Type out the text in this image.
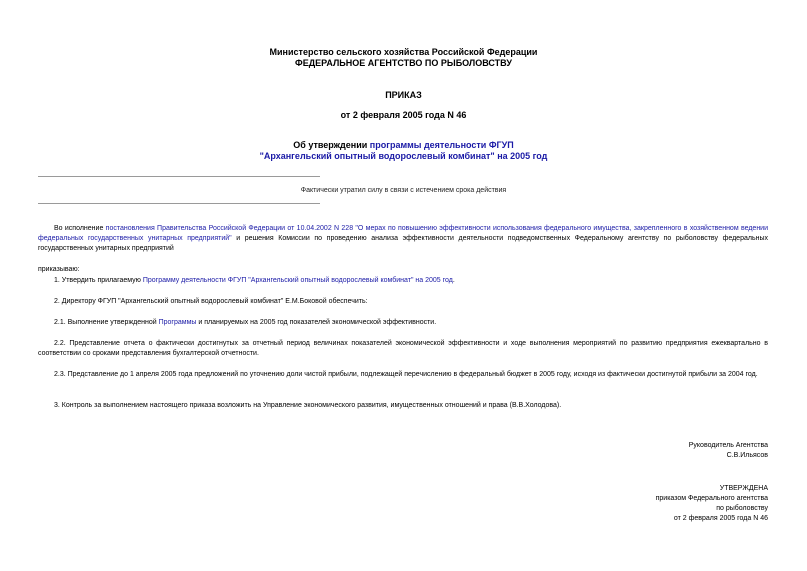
Министерство сельского хозяйства Российской Федерации
ФЕДЕРАЛЬНОЕ АГЕНТСТВО ПО РЫБОЛОВСТВУ
ПРИКАЗ
от 2 февраля 2005 года N 46
Об утверждении программы деятельности ФГУП
"Архангельский опытный водорослевый комбинат" на 2005 год
Фактически утратил силу в связи с истечением срока действия
Во исполнение постановления Правительства Российской Федерации от 10.04.2002 N 228 "О мерах по повышению эффективности использования федерального имущества, закрепленного в хозяйственном ведении федеральных государственных унитарных предприятий" и решения Комиссии по проведению анализа эффективности деятельности подведомственных Федеральному агентству по рыболовству федеральных государственных унитарных предприятий
приказываю:
1. Утвердить прилагаемую Программу деятельности ФГУП "Архангельский опытный водорослевый комбинат" на 2005 год.
2. Директору ФГУП "Архангельский опытный водорослевый комбинат" Е.М.Боковой обеспечить:
2.1. Выполнение утвержденной Программы и планируемых на 2005 год показателей экономической эффективности.
2.2. Представление отчета о фактически достигнутых за отчетный период величинах показателей экономической эффективности и ходе выполнения мероприятий по развитию предприятия ежеквартально в соответствии со сроками представления бухгалтерской отчетности.
2.3. Представление до 1 апреля 2005 года предложений по уточнению доли чистой прибыли, подлежащей перечислению в федеральный бюджет в 2005 году, исходя из фактически достигнутой прибыли за 2004 год.
3. Контроль за выполнением настоящего приказа возложить на Управление экономического развития, имущественных отношений и права (В.В.Холодова).
Руководитель Агентства
С.В.Ильясов
УТВЕРЖДЕНА
приказом Федерального агентства
по рыболовству
от 2 февраля 2005 года N 46
